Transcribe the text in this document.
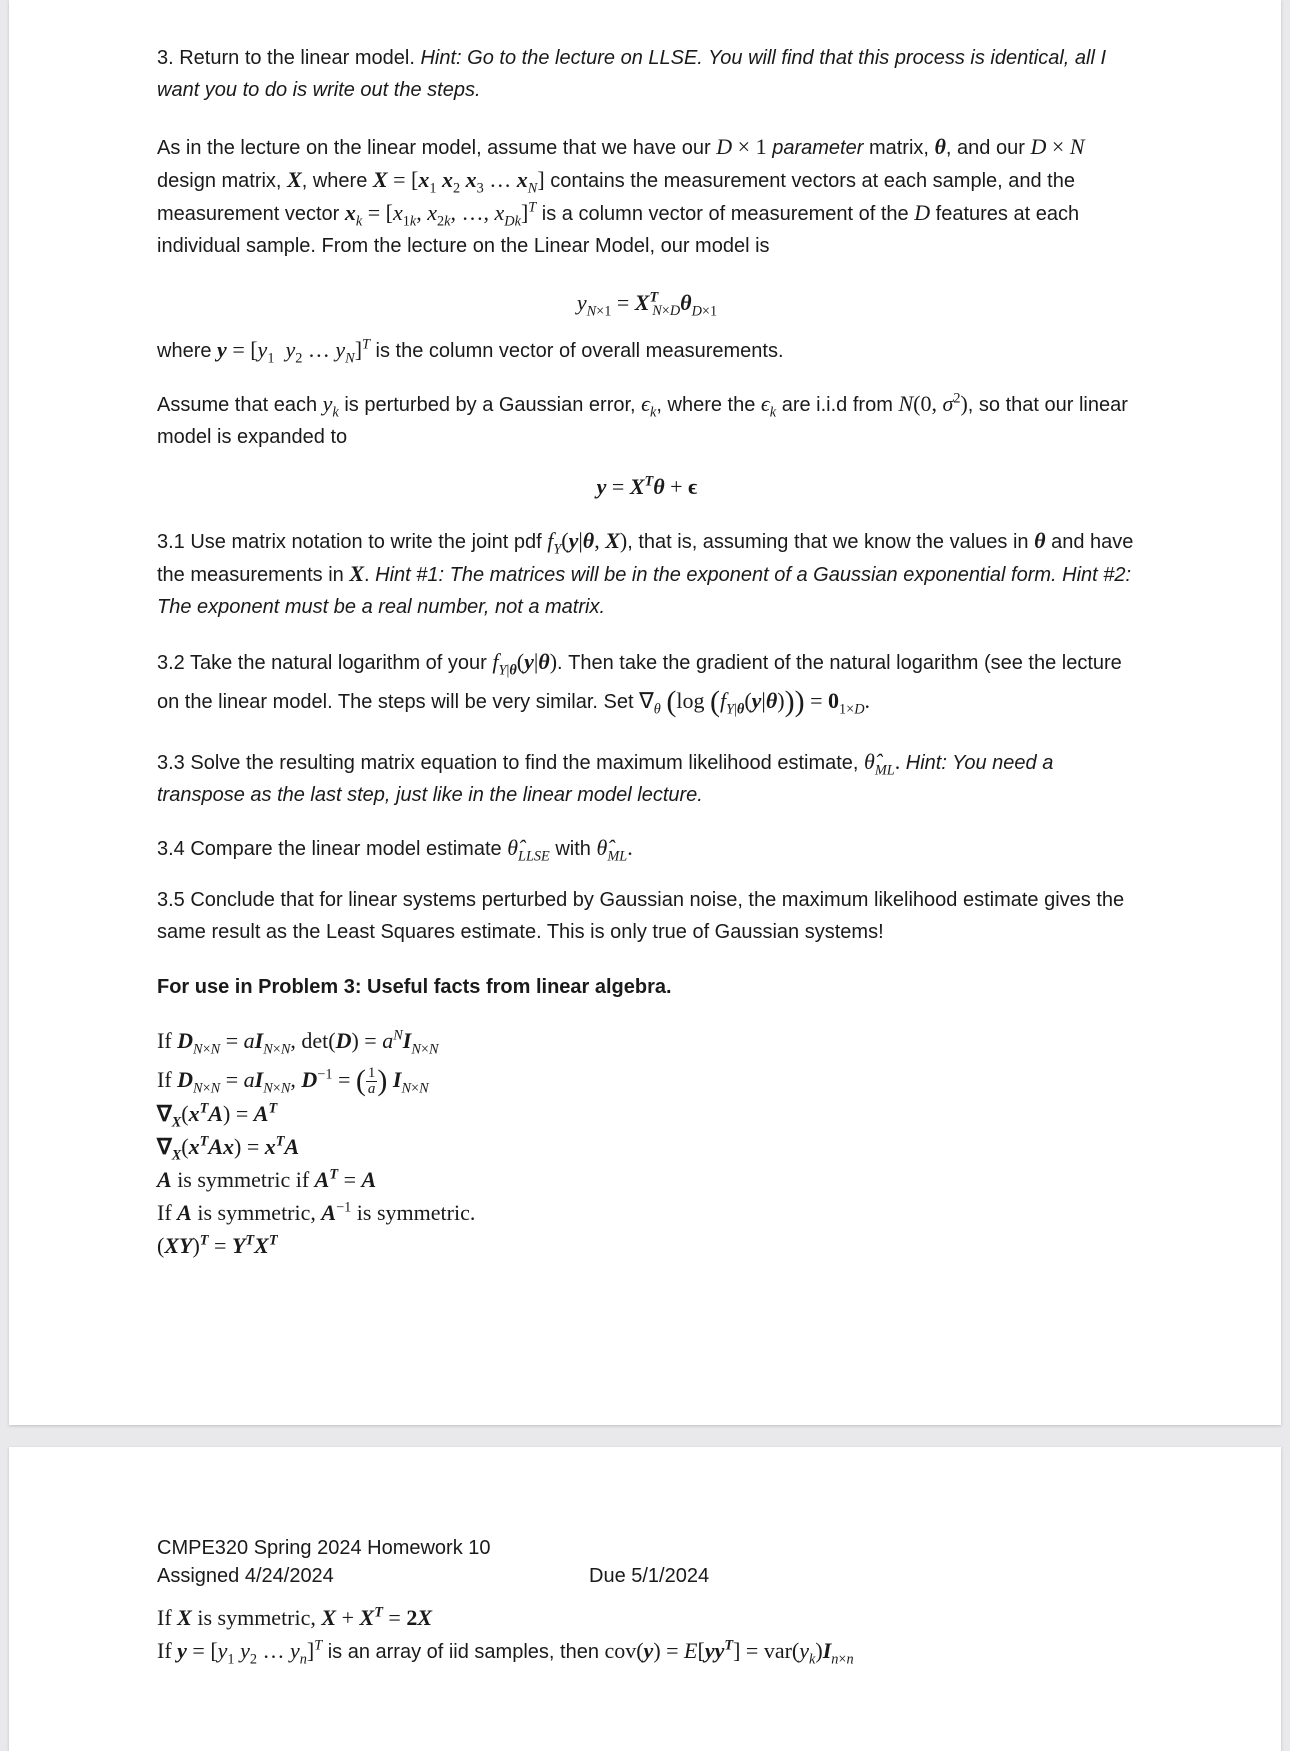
3. Return to the linear model. Hint: Go to the lecture on LLSE. You will find that this process is identical, all I want you to do is write out the steps.
As in the lecture on the linear model, assume that we have our D × 1 parameter matrix, θ, and our D × N design matrix, X, where $X = [x_1$ $x_2$ $x_3$ … $x_N$] contains the measurement vectors at each sample, and the measurement vector $x_k = [x_{1k}$, $x_{2k}$, …, $x_{Dk}]^T$ is a column vector of measurement of the D features at each individual sample. From the lecture on the Linear Model, our model is
$y_{N\times 1} = X^T_{N\times D}\theta_{D\times 1}$
where $y = [y_1$ $y_2$ … $y_N]^T$ is the column vector of overall measurements.
Assume that each $y_k$ is perturbed by a Gaussian error, $\epsilon_k$, where the $\epsilon_k$ are i.i.d from N(0, $\sigma^2$), so that our linear model is expanded to
$y = X^T\theta + \epsilon$
3.1 Use matrix notation to write the joint pdf $f_Y(y|\theta$, X), that is, assuming that we know the values in θ and have the measurements in X. Hint #1: The matrices will be in the exponent of a Gaussian exponential form. Hint #2: The exponent must be a real number, not a matrix.
3.2 Take the natural logarithm of your $f_{Y|\theta}(y|\theta)$. Then take the gradient of the natural logarithm (see the lecture on the linear model. The steps will be very similar. Set $\nabla_\theta$ (log $(f_{Y|\theta}(y|\theta))) = 0_{1\times D}$.
3.3 Solve the resulting matrix equation to find the maximum likelihood estimate, $\thetâ_{ML}$. Hint: You need a transpose as the last step, just like in the linear model lecture.
3.4 Compare the linear model estimate $\thetâ_{LLSE}$ with $\thetâ_{ML}$.
3.5 Conclude that for linear systems perturbed by Gaussian noise, the maximum likelihood estimate gives the same result as the Least Squares estimate. This is only true of Gaussian systems!
For use in Problem 3: Useful facts from linear algebra.
If $D_{N\times N} = aI_{N\times N}$, $\det(D) = a^NI_{N\times N}$
If $D_{N\times N} = aI_{N\times N}$, $D^{-1}$ = ( $\frac{1}{a}$ ) $I_{N\times N}$
$\nabla_X(x^TA) = A^T$
$\nabla_X(x^TAx) = x^TA$
A is symmetric if $A^T = A$
If A is symmetric, $A^{-1}$ is symmetric.
$(XY)^T = Y^TX^T$
CMPE320 Spring 2024 Homework 10
Assigned 4/24/2024	Due 5/1/2024
If X is symmetric, $X + X^T = 2X$
If $y = [y_1$ $y_2$ … $y_n]^T$ is an array of iid samples, then $cov(y) = E[yy^T] = var(y_k)I_{n\times n}$
